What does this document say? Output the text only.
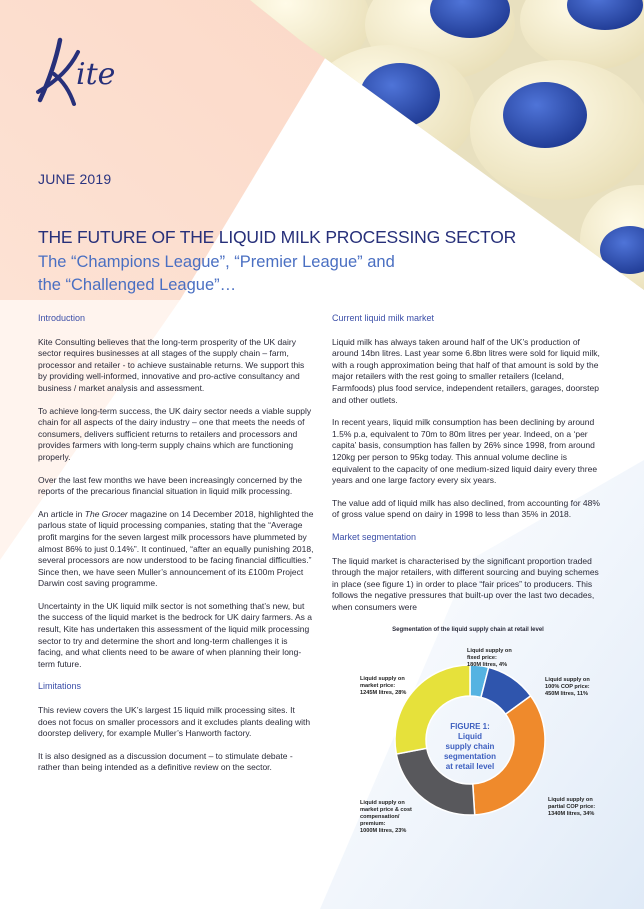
ite
JUNE 2019
THE FUTURE OF THE LIQUID MILK PROCESSING SECTOR
The “Champions League”, “Premier League” and
the “Challenged League”…
Introduction
Kite Consulting believes that the long-term prosperity of the UK dairy sector requires businesses at all stages of the supply chain – farm, processor and retailer - to achieve sustainable returns. We support this by providing well-informed, innovative and pro-active consultancy and business / market analysis and assessment.
To achieve long-term success, the UK dairy sector needs a viable supply chain for all aspects of the dairy industry – one that meets the needs of consumers, delivers sufficient returns to retailers and processors and provides farmers with long-term supply chains which are functioning properly.
Over the last few months we have been increasingly concerned by the reports of the precarious financial situation in liquid milk processing.
An article in The Grocer magazine on 14 December 2018, highlighted the parlous state of liquid processing companies, stating that the “Average profit margins for the seven largest milk processors have plummeted by almost 86% to just 0.14%”. It continued, “after an equally punishing 2018, several processors are now understood to be facing financial difficulties.” Since then, we have seen Muller’s announcement of its £100m Project Darwin cost saving programme.
Uncertainty in the UK liquid milk sector is not something that’s new, but the success of the liquid market is the bedrock for UK dairy farmers. As a result, Kite has undertaken this assessment of the liquid milk processing sector to try and determine the short and long-term challenges it is facing, and what clients need to be aware of when planning their long-term future.
Limitations
This review covers the UK’s largest 15 liquid milk processing sites. It does not focus on smaller processors and it excludes plants dealing with doorstep delivery, for example Muller’s Hanworth factory.
It is also designed as a discussion document – to stimulate debate - rather than being intended as a definitive review on the sector.
Current liquid milk market
Liquid milk has always taken around half of the UK’s production of around 14bn litres. Last year some 6.8bn litres were sold for liquid milk, with a rough approximation being that half of that amount is sold by the major retailers with the rest going to smaller retailers (Iceland, Farmfoods) plus food service, independent retailers, garages, doorstep and other outlets.
In recent years, liquid milk consumption has been declining by around 1.5% p.a, equivalent to 70m to 80m litres per year. Indeed, on a ‘per capita’ basis, consumption has fallen by 26% since 1998, from around 120kg per person to 95kg today. This annual volume decline is equivalent to the capacity of one medium-sized liquid dairy every three years and one large factory every six years.
The value add of liquid milk has also declined, from accounting for 48% of gross value spend on dairy in 1998 to less than 35% in 2018.
Market segmentation
The liquid market is characterised by the significant proportion traded through the major retailers, with different sourcing and buying schemes in place (see figure 1) in order to place “fair prices” to producers. This follows the negative pressures that built-up over the last two decades, when consumers were
Segmentation of the liquid supply chain at retail level
FIGURE 1:
Liquid
supply chain
segmentation
at retail level
Liquid supply on
fixed price:
180M litres, 4%
Liquid supply on
100% COP price:
450M litres, 11%
Liquid supply on
partial COP price:
1340M litres, 34%
Liquid supply on
market price & cost
compensation/
premium:
1000M litres, 23%
Liquid supply on
market price:
1245M litres, 28%
